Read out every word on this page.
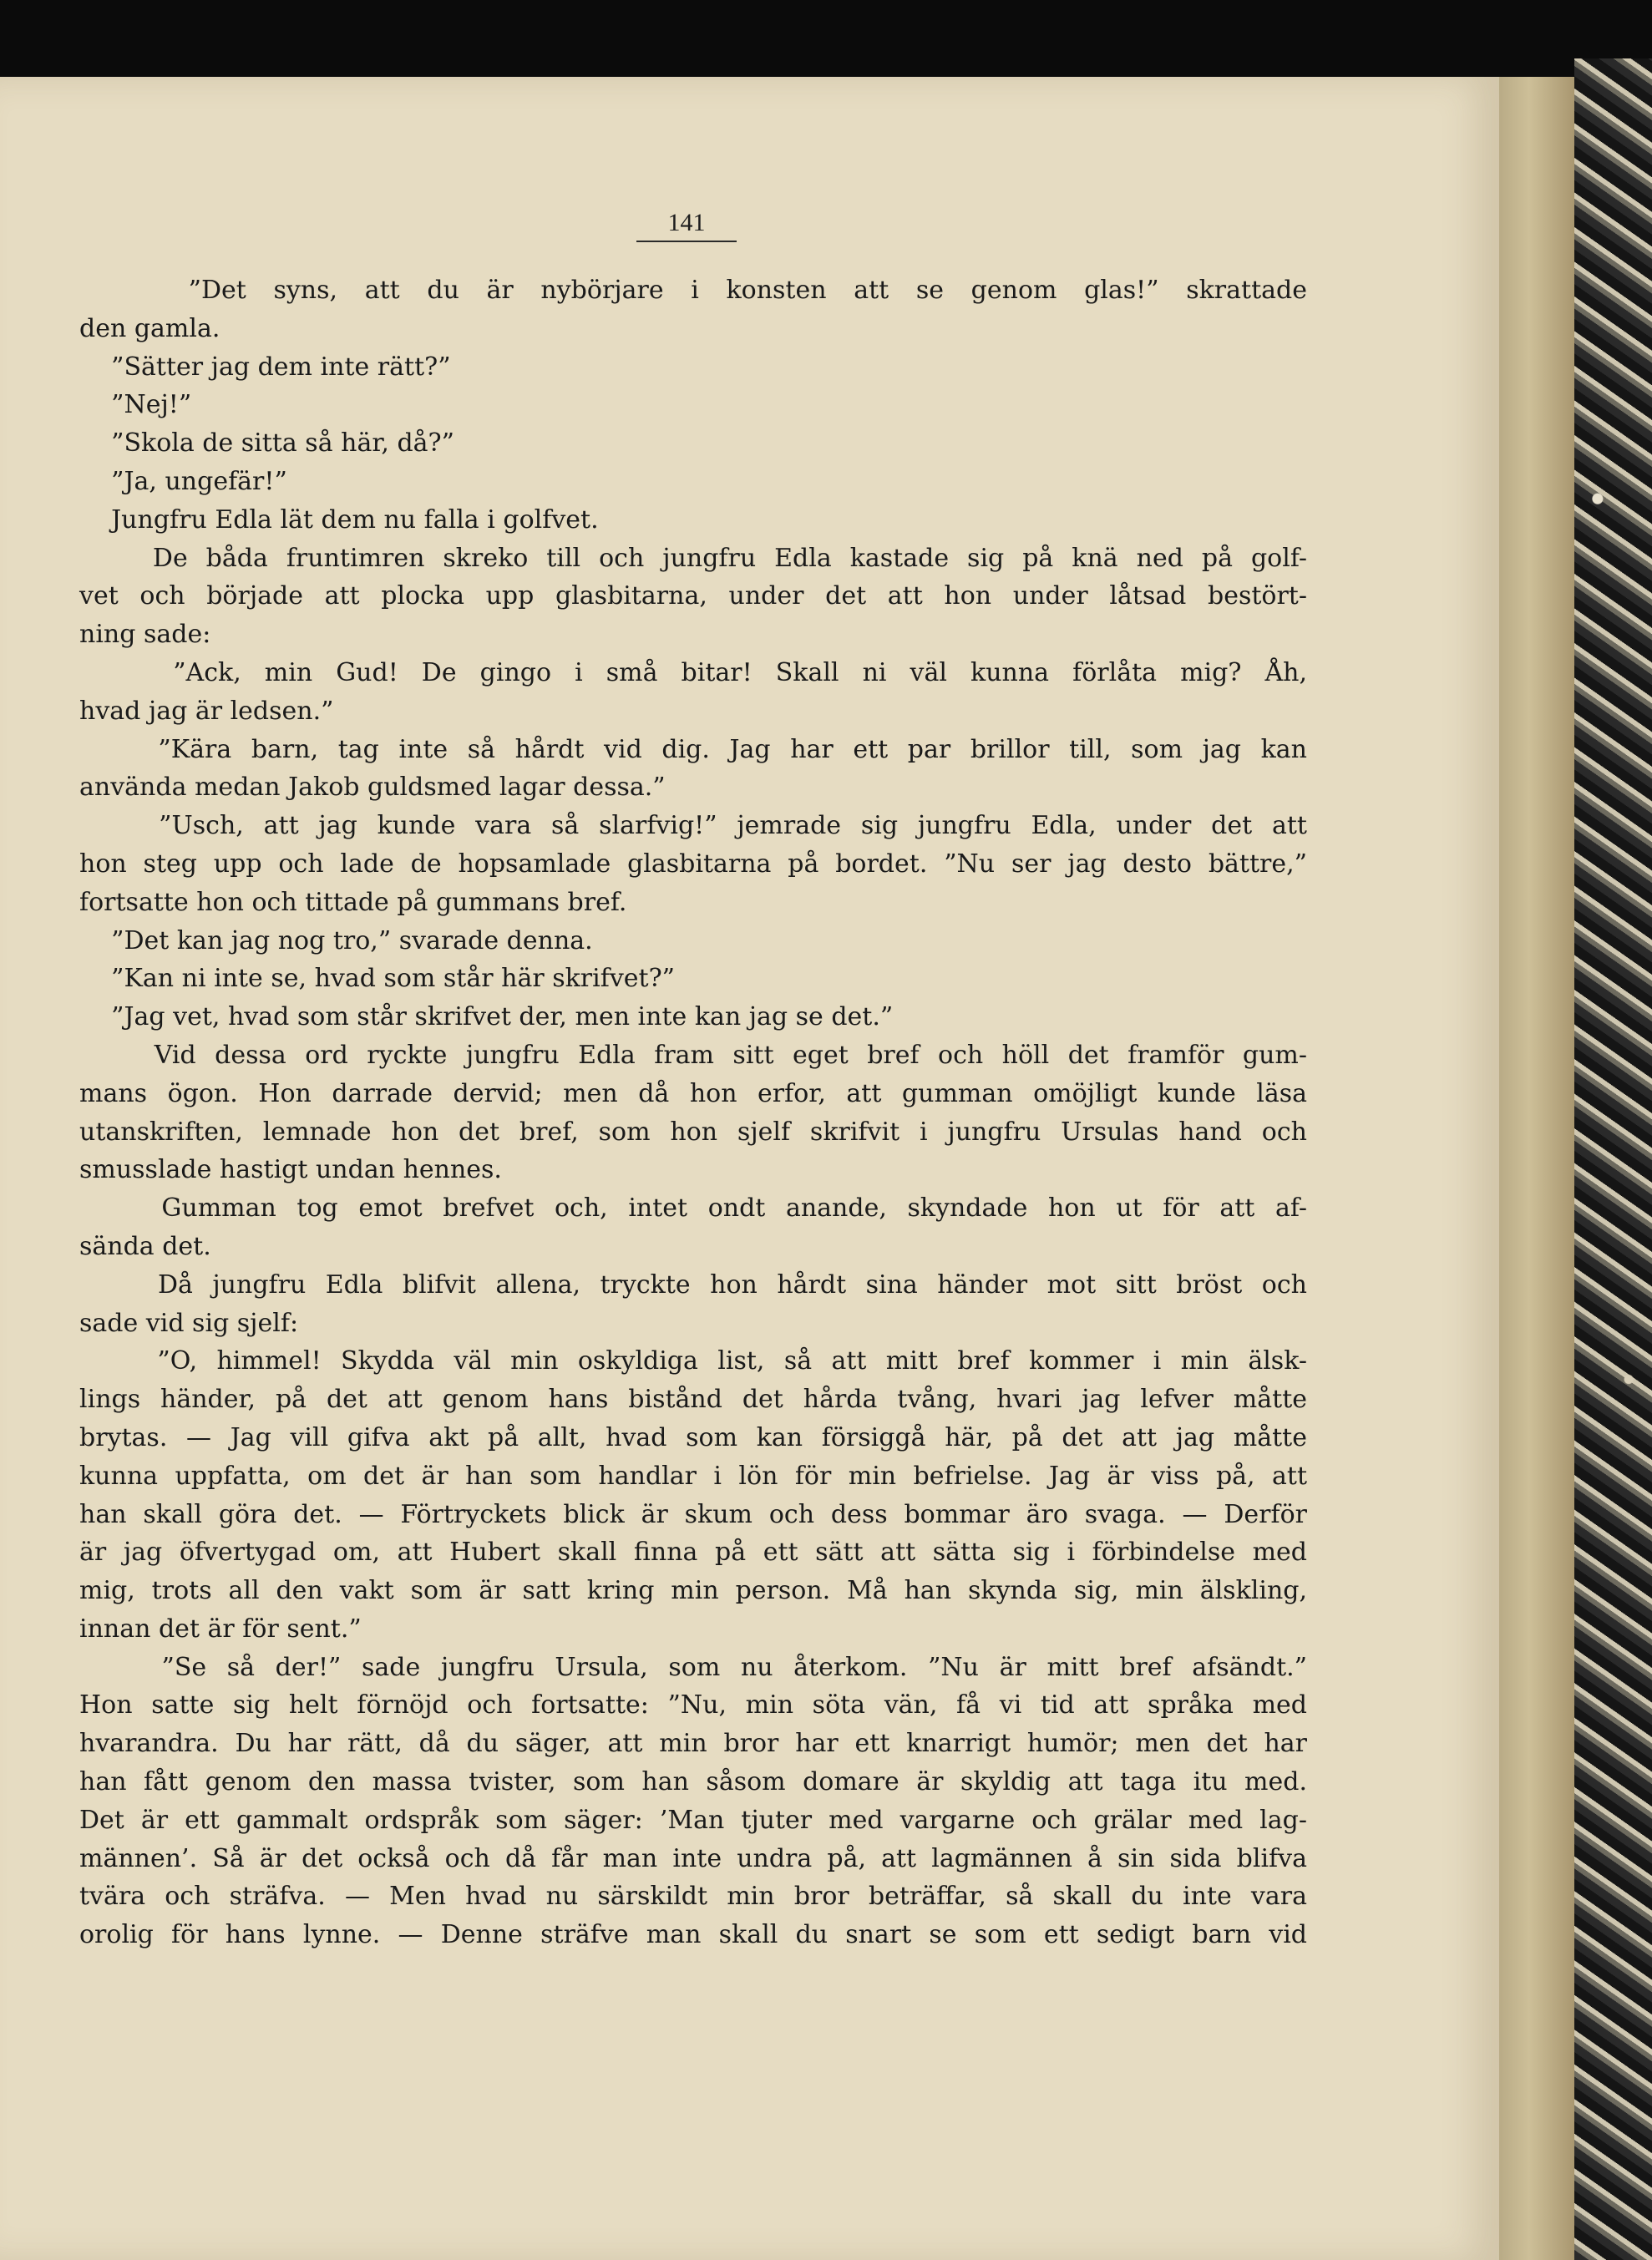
141
”Det syns, att du är nybörjare i konsten att se genom glas!” skrattade
den gamla.
”Sätter jag dem inte rätt?”
”Nej!”
”Skola de sitta så här, då?”
”Ja, ungefär!”
Jungfru Edla lät dem nu falla i golfvet.
De båda fruntimren skreko till och jungfru Edla kastade sig på knä ned på golf-
vet och började att plocka upp glasbitarna, under det att hon under låtsad bestört-
ning sade:
”Ack, min Gud! De gingo i små bitar! Skall ni väl kunna förlåta mig? Åh,
hvad jag är ledsen.”
”Kära barn, tag inte så hårdt vid dig. Jag har ett par brillor till, som jag kan
använda medan Jakob guldsmed lagar dessa.”
”Usch, att jag kunde vara så slarfvig!” jemrade sig jungfru Edla, under det att
hon steg upp och lade de hopsamlade glasbitarna på bordet. ”Nu ser jag desto bättre,”
fortsatte hon och tittade på gummans bref.
”Det kan jag nog tro,” svarade denna.
”Kan ni inte se, hvad som står här skrifvet?”
”Jag vet, hvad som står skrifvet der, men inte kan jag se det.”
Vid dessa ord ryckte jungfru Edla fram sitt eget bref och höll det framför gum-
mans ögon. Hon darrade dervid; men då hon erfor, att gumman omöjligt kunde läsa
utanskriften, lemnade hon det bref, som hon sjelf skrifvit i jungfru Ursulas hand och
smusslade hastigt undan hennes.
Gumman tog emot brefvet och, intet ondt anande, skyndade hon ut för att af-
sända det.
Då jungfru Edla blifvit allena, tryckte hon hårdt sina händer mot sitt bröst och
sade vid sig sjelf:
”O, himmel! Skydda väl min oskyldiga list, så att mitt bref kommer i min älsk-
lings händer, på det att genom hans bistånd det hårda tvång, hvari jag lefver måtte
brytas. — Jag vill gifva akt på allt, hvad som kan försiggå här, på det att jag måtte
kunna uppfatta, om det är han som handlar i lön för min befrielse. Jag är viss på, att
han skall göra det. — Förtryckets blick är skum och dess bommar äro svaga. — Derför
är jag öfvertygad om, att Hubert skall finna på ett sätt att sätta sig i förbindelse med
mig, trots all den vakt som är satt kring min person. Må han skynda sig, min älskling,
innan det är för sent.”
”Se så der!” sade jungfru Ursula, som nu återkom. ”Nu är mitt bref afsändt.”
Hon satte sig helt förnöjd och fortsatte: ”Nu, min söta vän, få vi tid att språka med
hvarandra. Du har rätt, då du säger, att min bror har ett knarrigt humör; men det har
han fått genom den massa tvister, som han såsom domare är skyldig att taga itu med.
Det är ett gammalt ordspråk som säger: ’Man tjuter med vargarne och grälar med lag-
männen’. Så är det också och då får man inte undra på, att lagmännen å sin sida blifva
tvära och sträfva. — Men hvad nu särskildt min bror beträffar, så skall du inte vara
orolig för hans lynne. — Denne sträfve man skall du snart se som ett sedigt barn vid
